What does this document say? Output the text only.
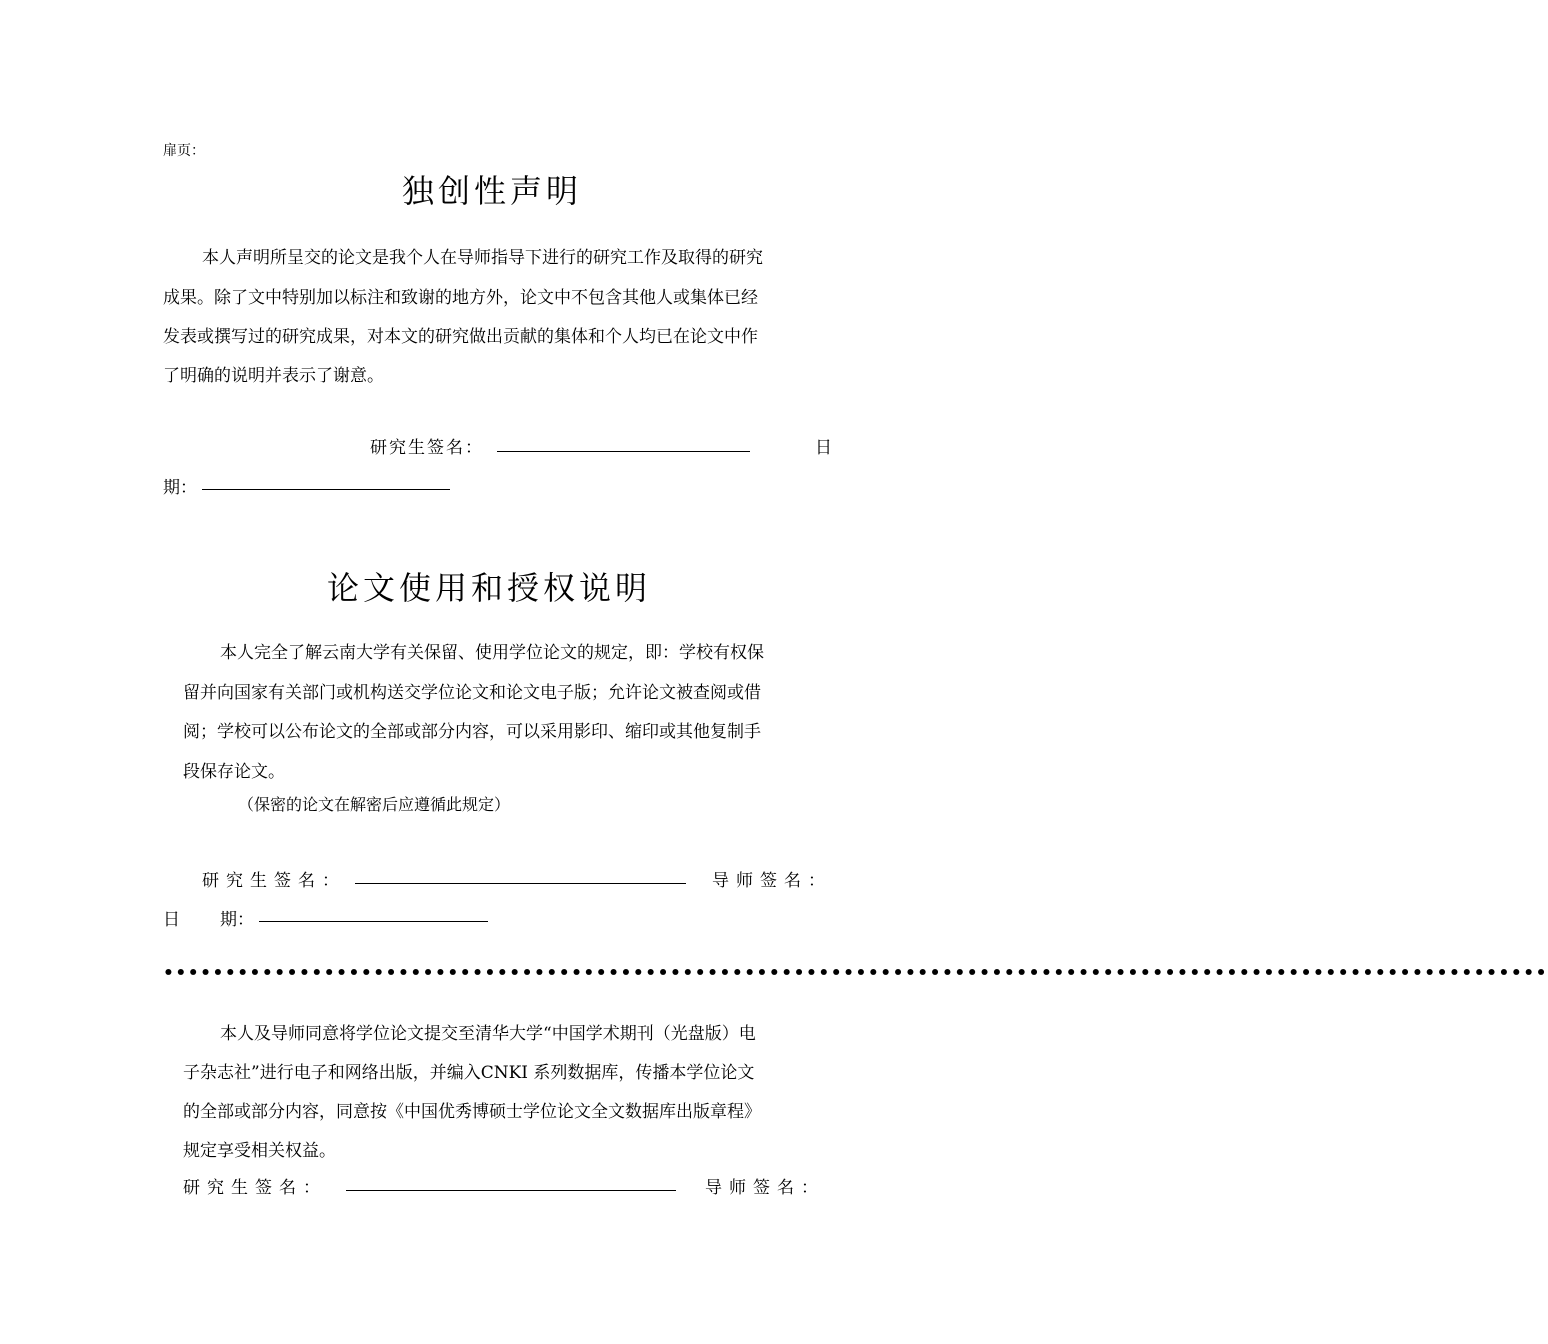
扉页：
独创性声明
本人声明所呈交的论文是我个人在导师指导下进行的研究工作及取得的研究
成果。除了文中特别加以标注和致谢的地方外，论文中不包含其他人或集体已经
发表或撰写过的研究成果，对本文的研究做出贡献的集体和个人均已在论文中作
了明确的说明并表示了谢意。
研究生签名：	日
期：
论文使用和授权说明
本人完全了解云南大学有关保留、使用学位论文的规定，即：学校有权保
留并向国家有关部门或机构送交学位论文和论文电子版；允许论文被查阅或借
阅；学校可以公布论文的全部或部分内容，可以采用影印、缩印或其他复制手
段保存论文。
（保密的论文在解密后应遵循此规定）
研究生签名：	导师签名：
日 期：
••••••••••••••••••••••••••••••••••••••••••••••••••••••••••••••••••••••••••••••••••••••••••••••••••••••••••••••••
本人及导师同意将学位论文提交至清华大学“中国学术期刊（光盘版）电
子杂志社”进行电子和网络出版，并编入CNKI 系列数据库，传播本学位论文
的全部或部分内容，同意按《中国优秀博硕士学位论文全文数据库出版章程》
规定享受相关权益。
研究生签名：	导师签名：
